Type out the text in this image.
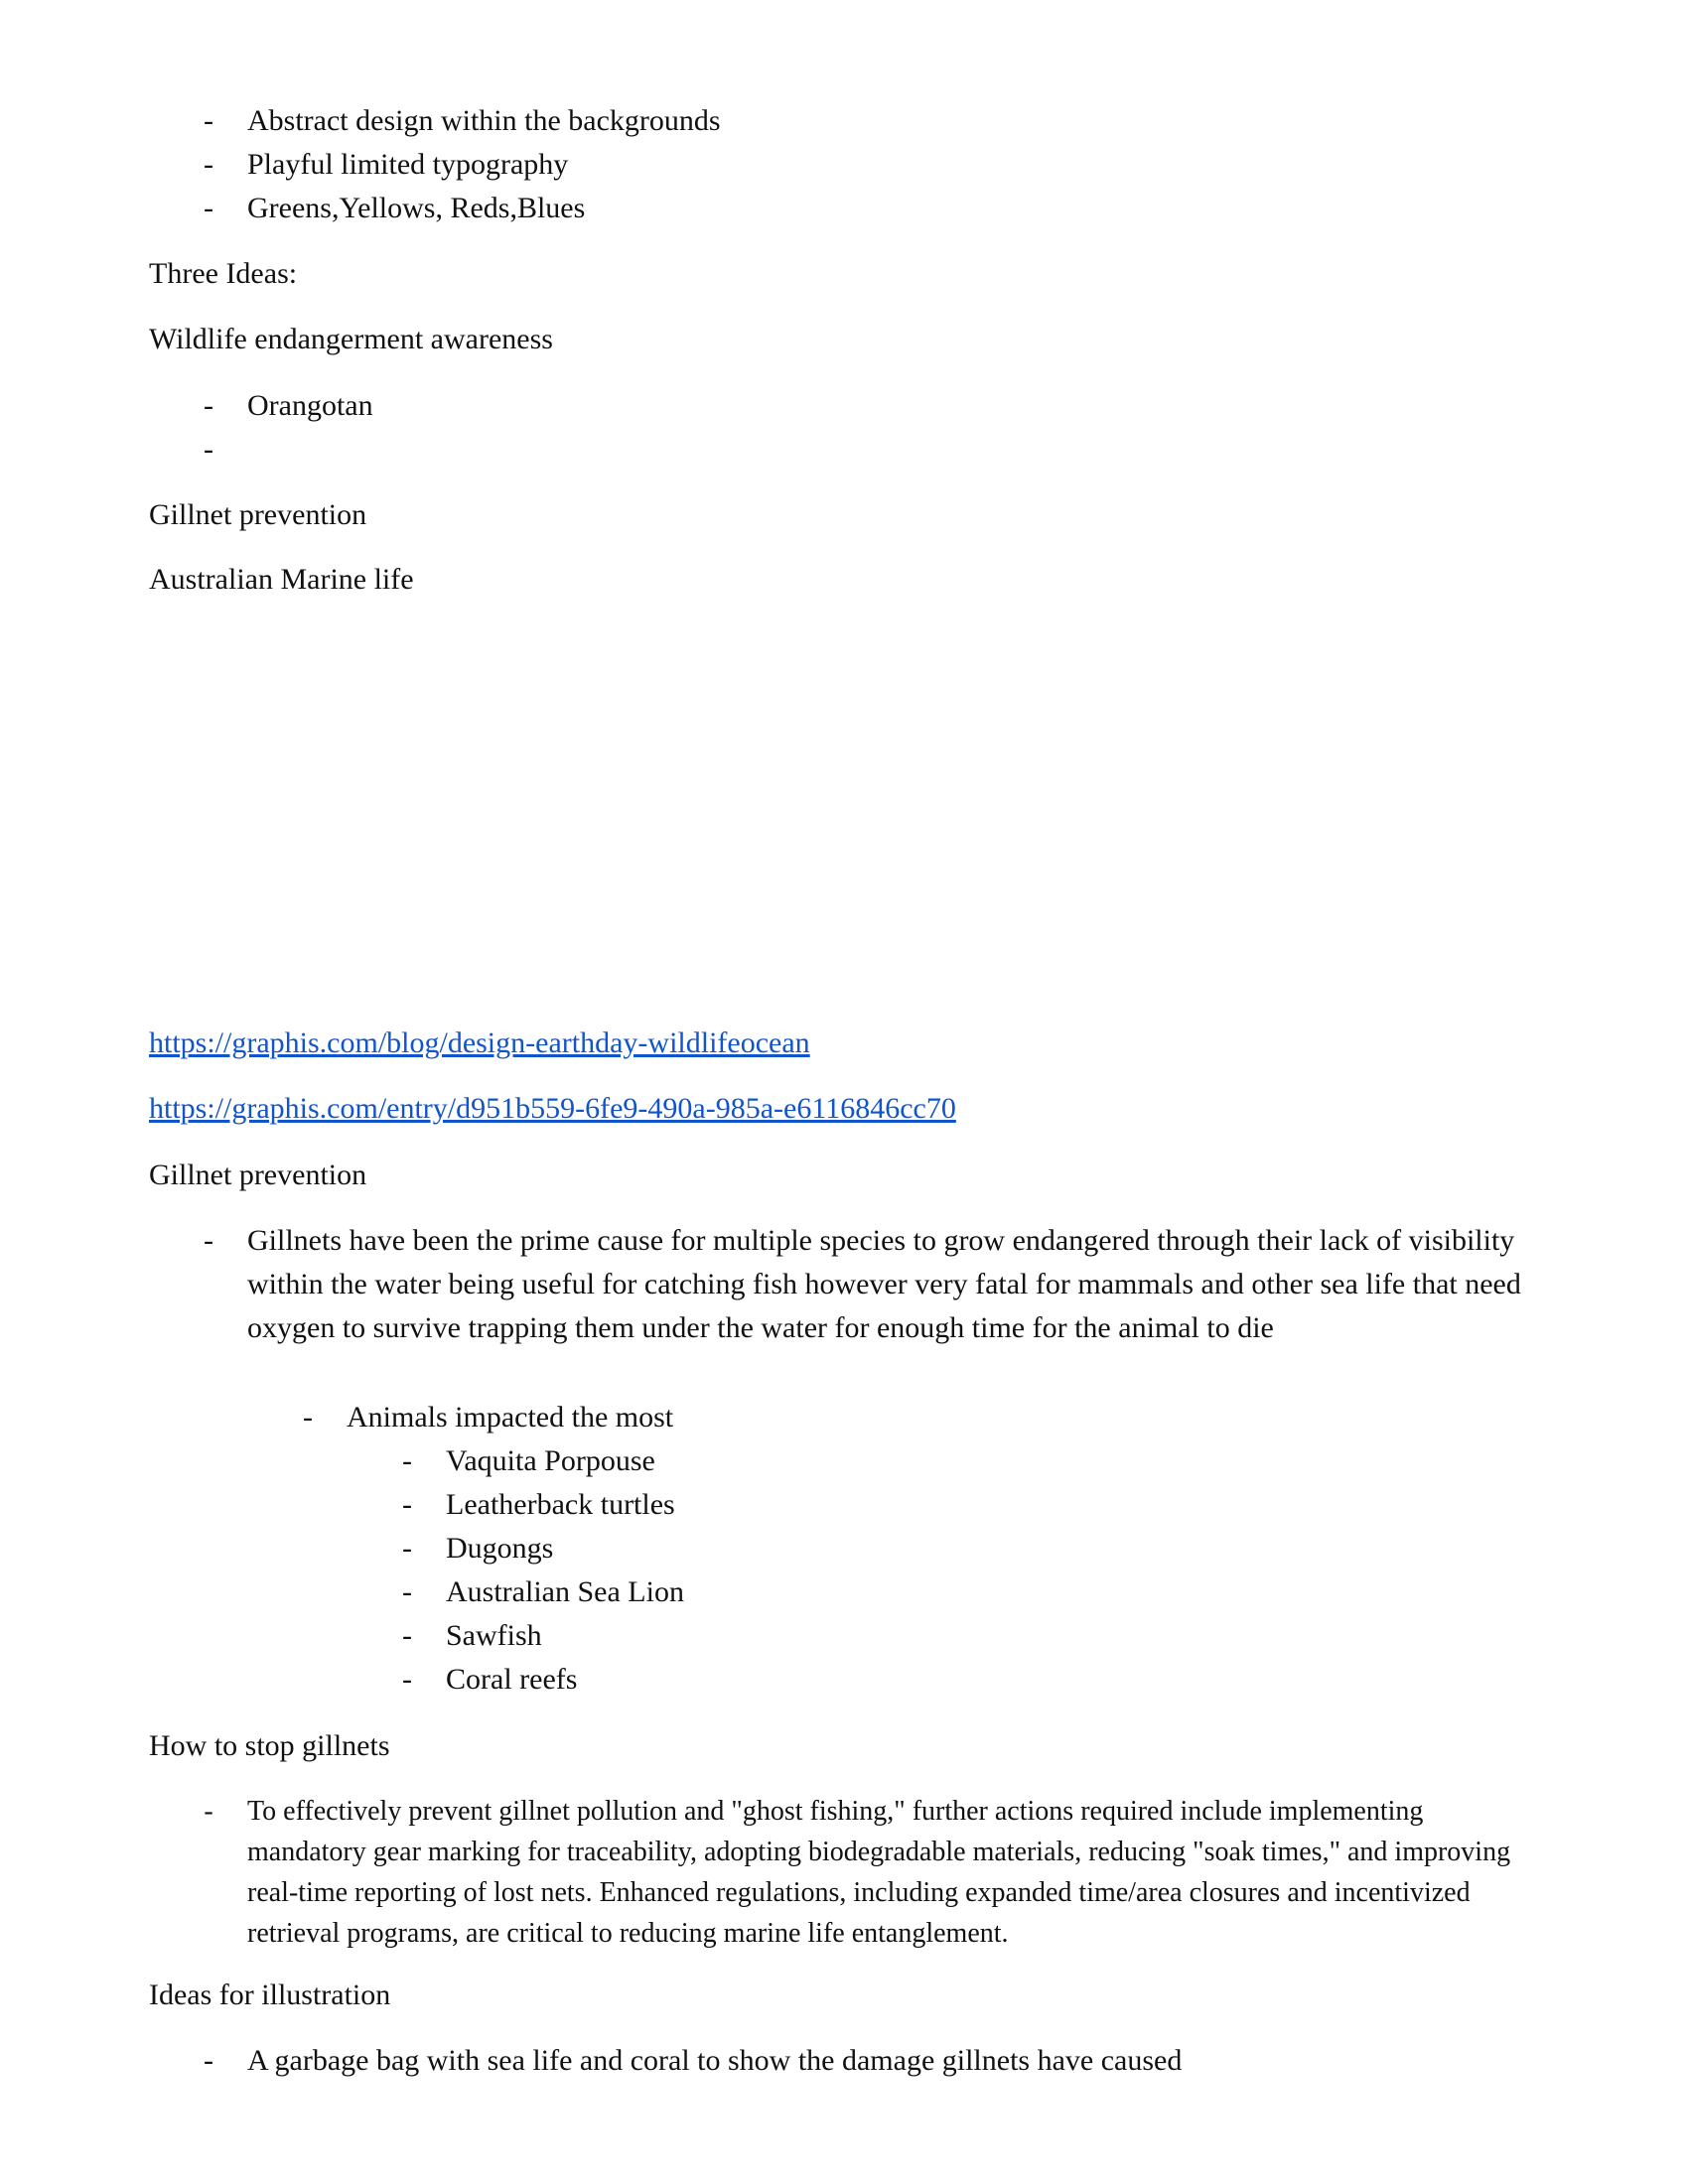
-	Abstract design within the backgrounds
-	Playful limited typography
-	Greens,Yellows, Reds,Blues
Three Ideas:
Wildlife endangerment awareness
-	Orangotan
-
Gillnet prevention
Australian Marine life
https://graphis.com/blog/design-earthday-wildlifeocean
https://graphis.com/entry/d951b559-6fe9-490a-985a-e6116846cc70
Gillnet prevention
-	Gillnets have been the prime cause for multiple species to grow endangered through their lack of visibility within the water being useful for catching fish however very fatal for mammals and other sea life that need oxygen to survive trapping them under the water for enough time for the animal to die
-	Animals impacted the most
-	Vaquita Porpouse
-	Leatherback turtles
-	Dugongs
-	Australian Sea Lion
-	Sawfish
-	Coral reefs
How to stop gillnets
-	To effectively prevent gillnet pollution and "ghost fishing," further actions required include implementing mandatory gear marking for traceability, adopting biodegradable materials, reducing "soak times," and improving real-time reporting of lost nets. Enhanced regulations, including expanded time/area closures and incentivized retrieval programs, are critical to reducing marine life entanglement.
Ideas for illustration
-	A garbage bag with sea life and coral to show the damage gillnets have caused
